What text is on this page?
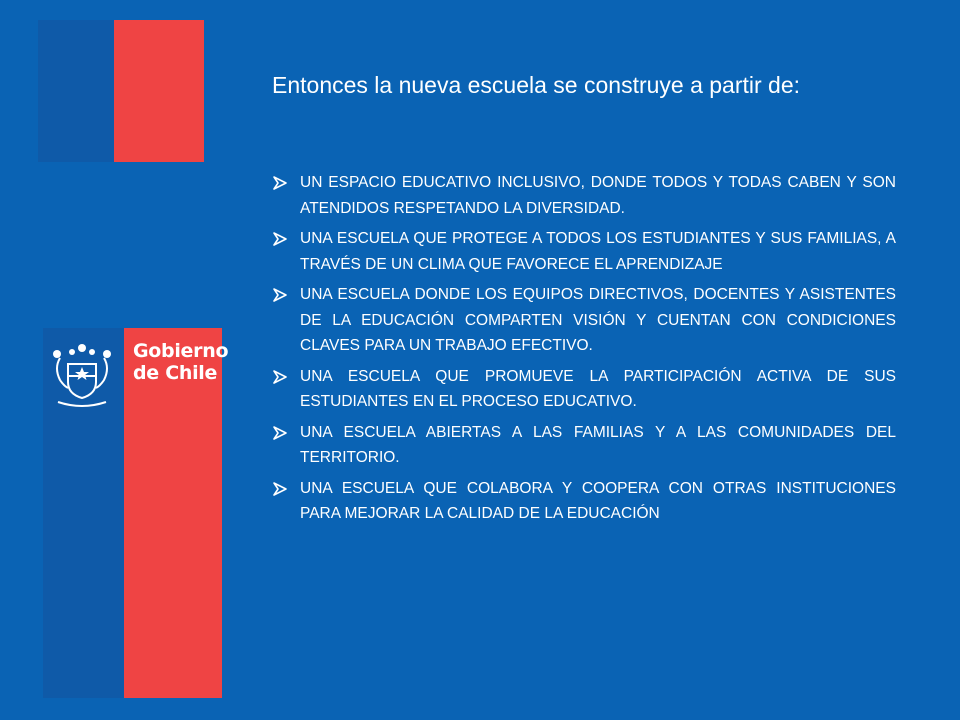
Gobierno
de Chile
Entonces la nueva escuela se construye a partir de:
UN ESPACIO EDUCATIVO INCLUSIVO, DONDE TODOS Y TODAS CABEN Y SON ATENDIDOS RESPETANDO LA DIVERSIDAD.
UNA ESCUELA QUE PROTEGE A TODOS LOS ESTUDIANTES Y SUS FAMILIAS, A TRAVÉS DE UN CLIMA QUE FAVORECE EL APRENDIZAJE
UNA ESCUELA DONDE LOS EQUIPOS DIRECTIVOS, DOCENTES Y ASISTENTES DE LA EDUCACIÓN COMPARTEN VISIÓN Y CUENTAN CON CONDICIONES CLAVES PARA UN TRABAJO EFECTIVO.
UNA ESCUELA QUE PROMUEVE LA PARTICIPACIÓN ACTIVA DE SUS ESTUDIANTES EN EL PROCESO EDUCATIVO.
UNA ESCUELA ABIERTAS A LAS FAMILIAS Y A LAS COMUNIDADES DEL TERRITORIO.
UNA ESCUELA QUE COLABORA Y COOPERA CON OTRAS INSTITUCIONES PARA MEJORAR LA CALIDAD DE LA EDUCACIÓN
